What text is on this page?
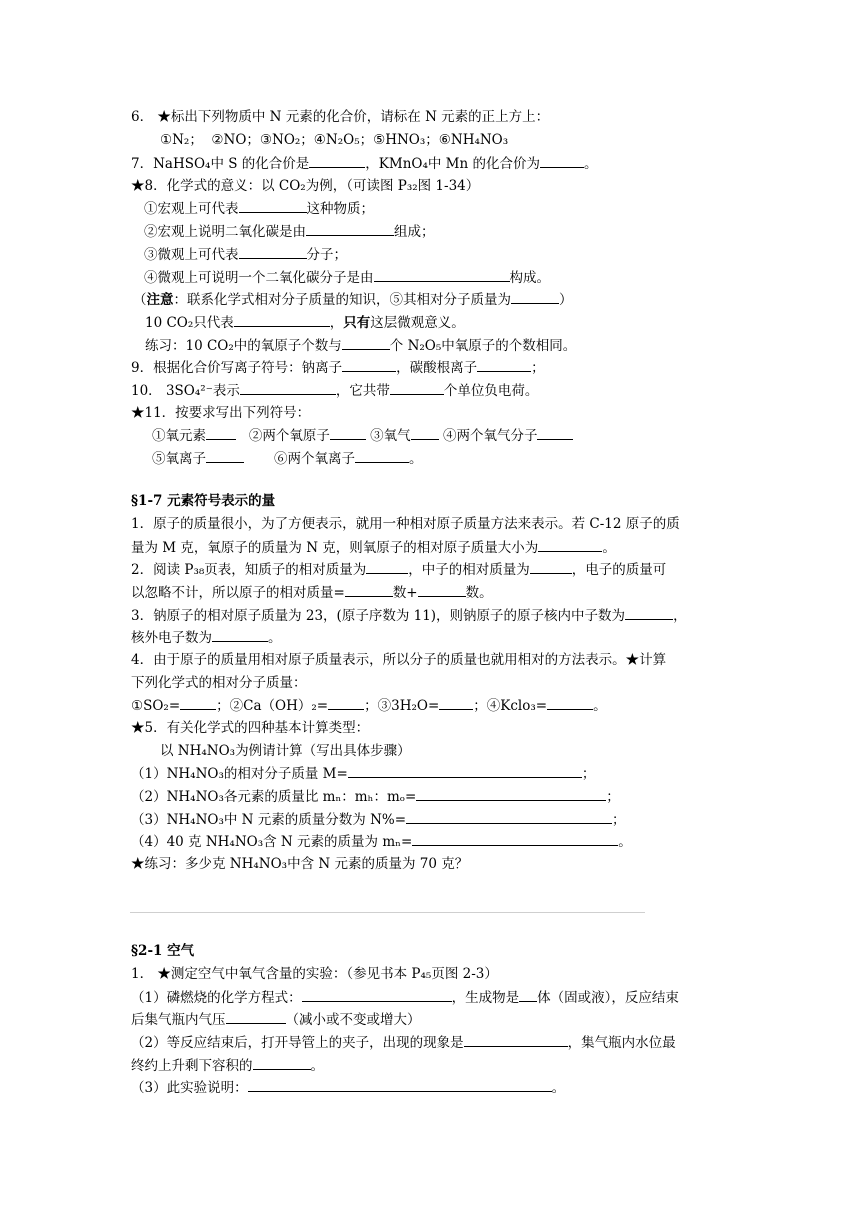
6． ★标出下列物质中 N 元素的化合价，请标在 N 元素的正上方上：
①N₂； ②NO；③NO₂；④N₂O₅；⑤HNO₃；⑥NH₄NO₃
7．NaHSO₄中 S 的化合价是	，KMnO₄中 Mn 的化合价为	。
★8．化学式的意义：以 CO₂为例，（可读图 P₃₂图 1-34）
①宏观上可代表	这种物质；
②宏观上说明二氧化碳是由	组成；
③微观上可代表	分子；
④微观上可说明一个二氧化碳分子是由	构成。
（注意：联系化学式相对分子质量的知识，⑤其相对分子质量为	）
10 CO₂只代表	，只有这层微观意义。
练习：10 CO₂中的氧原子个数与	个 N₂O₅中氧原子的个数相同。
9．根据化合价写离子符号：钠离子	，碳酸根离子	；
10． 3SO₄²⁻表示	，它共带	个单位负电荷。
★11．按要求写出下列符号：
①氧元素	②两个氧原子	③氧气 ④两个氧气分子
⑤氧离子	⑥两个氧离子	。
§1-7 元素符号表示的量
1．原子的质量很小，为了方便表示，就用一种相对原子质量方法来表示。若 C-12 原子的质
量为 M 克，氧原子的质量为 N 克，则氧原子的相对原子质量大小为	。
2．阅读 P₃₈页表，知质子的相对质量为	，中子的相对质量为	，电子的质量可
以忽略不计，所以原子的相对质量=	数+	数。
3．钠原子的相对原子质量为 23，(原子序数为 11)，则钠原子的原子核内中子数为	，
核外电子数为	。
4．由于原子的质量用相对原子质量表示，所以分子的质量也就用相对的方法表示。★计算
下列化学式的相对分子质量：
①SO₂=	；②Ca（OH）₂=	；③3H₂O=	；④Kclo₃=	。
★5．有关化学式的四种基本计算类型：
以 NH₄NO₃为例请计算（写出具体步骤）
（1）NH₄NO₃的相对分子质量 M=	；
（2）NH₄NO₃各元素的质量比 mₙ：mₕ：mₒ=	；
（3）NH₄NO₃中 N 元素的质量分数为 N%=	；
（4）40 克 NH₄NO₃含 N 元素的质量为 mₙ=	。
★练习：多少克 NH₄NO₃中含 N 元素的质量为 70 克？
§2-1 空气
1． ★测定空气中氧气含量的实验：（参见书本 P₄₅页图 2-3）
（1）磷燃烧的化学方程式：	，生成物是 体（固或液），反应结束
后集气瓶内气压	（减小或不变或增大）
（2）等反应结束后，打开导管上的夹子，出现的现象是	，集气瓶内水位最
终约上升剩下容积的	。
（3）此实验说明：	。
